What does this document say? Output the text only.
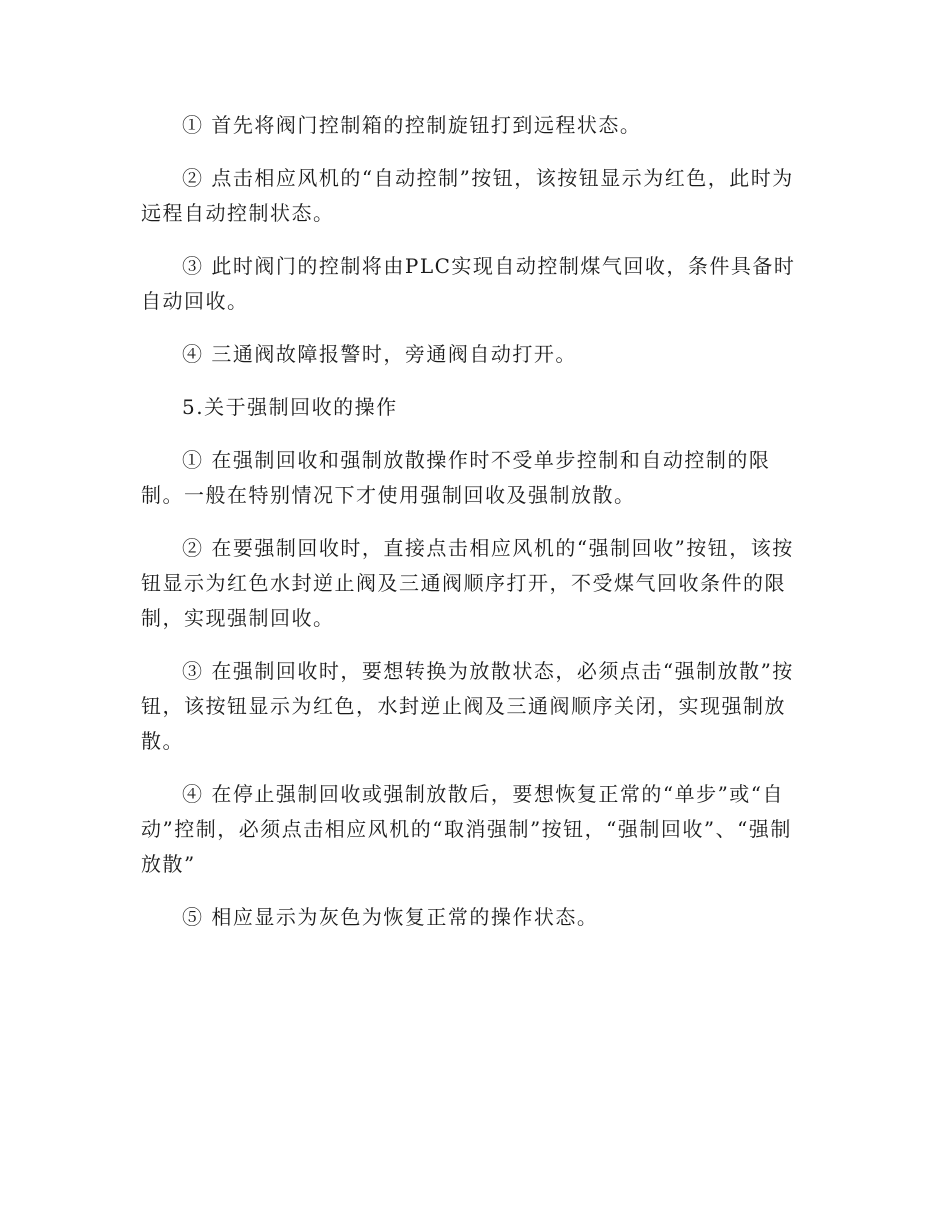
① 首先将阀门控制箱的控制旋钮打到远程状态。

② 点击相应风机的“自动控制”按钮，该按钮显示为红色，此时为远程自动控制状态。

③ 此时阀门的控制将由PLC实现自动控制煤气回收，条件具备时自动回收。

④ 三通阀故障报警时，旁通阀自动打开。

5.关于强制回收的操作

① 在强制回收和强制放散操作时不受单步控制和自动控制的限制。一般在特别情况下才使用强制回收及强制放散。

② 在要强制回收时，直接点击相应风机的“强制回收”按钮，该按钮显示为红色水封逆止阀及三通阀顺序打开，不受煤气回收条件的限制，实现强制回收。

③ 在强制回收时，要想转换为放散状态，必须点击“强制放散”按钮，该按钮显示为红色，水封逆止阀及三通阀顺序关闭，实现强制放散。

④ 在停止强制回收或强制放散后，要想恢复正常的“单步”或“自动”控制，必须点击相应风机的“取消强制”按钮，“强制回收”、“强制放散”

⑤ 相应显示为灰色为恢复正常的操作状态。
